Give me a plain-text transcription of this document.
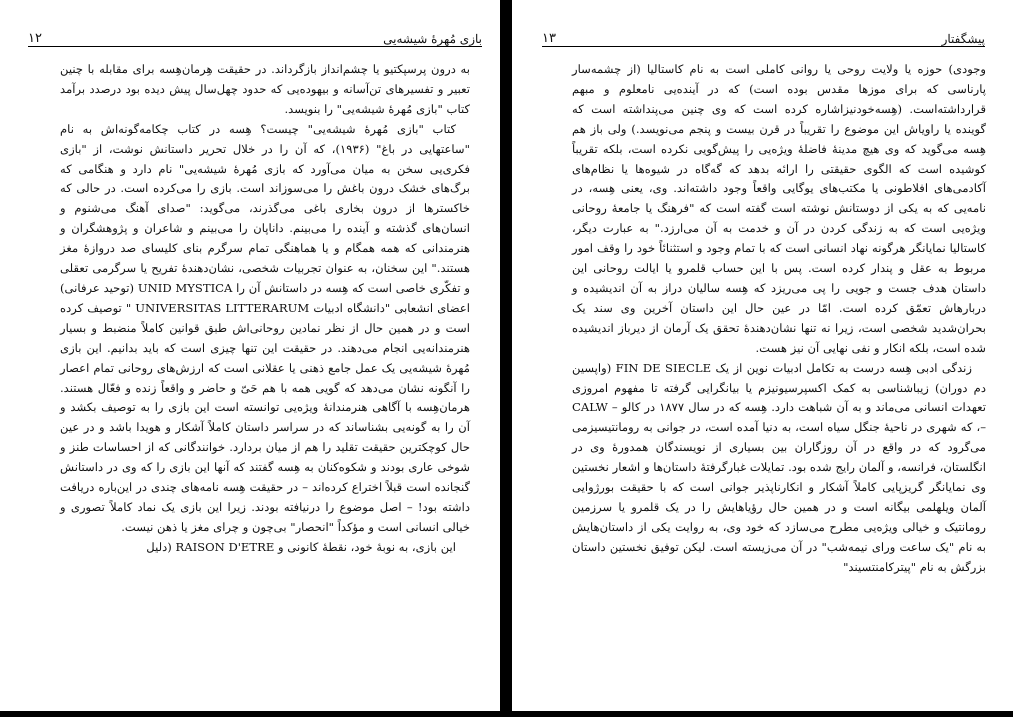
بازی مُهرهٔ شیشه‌یی
١٢

به درون پرسپکتیو یا چشم‌انداز بازگرداند. در حقیقت هِرمان‌هِسه برای مقابله با چنین تعبیر و تفسیرهای تن‌آسانه و بیهوده‌یی که حدود چهل‌سال پیش دیده بود درصدد برآمد کتاب "بازی مُهرهٔ شیشه‌یی" را بنویسد.

کتاب "بازی مُهرهٔ شیشه‌یی" چیست؟ هِسه در کتاب چکامه‌گونه‌اش به نام "ساعتهایی در باغ" (۱۹۳۶)، که آن را در خلال تحریر داستانش نوشت، از "بازی فکری‌یی سخن به میان می‌آورد که بازی مُهرهٔ شیشه‌یی" نام دارد و هنگامی که برگ‌های خشک درون باغش را می‌سوزاند است. بازی را می‌کرده است. در حالی که خاکسترها از درون بخاری باغی می‌گذرند، می‌گوید: "صدای آهنگ می‌شنوم و انسان‌های گذشته و آینده را می‌بینم. داناپان را می‌بینم و شاعران و پژوهشگران و هنرمندانی که همه همگام و یا هماهنگی تمام سرگرم بنای کلیسای صد دروازهٔ مغز هستند." این سخنان، به عنوان تجربیات شخصی، نشان‌دهندهٔ تفریح یا سرگرمی تعقلی و تفکّری خاصی است که هِسه در داستانش آن را UNID MYSTICA (توحید عرفانی) اعضای انشعابی "دانشگاه ادبیات UNIVERSITAS LITTERARUM " توصیف کرده است و در همین حال از نظر نمادین روحانی‌اش طبق قوانین کاملاً منضبط و بسیار هنرمندانه‌یی انجام می‌دهند. در حقیقت این تنها چیزی است که باید بدانیم. این بازی مُهرهٔ شیشه‌یی یک عمل جامع ذهنی یا عقلانی است که ارزش‌های روحانی تمام اعصار را آنگونه نشان می‌دهد که گویی همه با هم حَیّ و حاضر و واقعاً زنده و فعّال هستند. هرمان‌هِسه با آگاهی هنرمندانهٔ ویژه‌یی توانسته است این بازی را به توصیف بکشد و آن را به گونه‌یی بشناساند که در سراسر داستان کاملاً آشکار و هویدا باشد و در عین حال کوچکترین حقیقت تقلید را هم از میان بردارد. خوانندگانی که از احساسات طنز و شوخی عاری بودند و شکوه‌کنان به هِسه گفتند که آنها این بازی را که وی در داستانش گنجانده است قبلاً اختراع کرده‌اند – در حقیقت هِسه نامه‌های چندی در این‌باره دریافت داشته بود! – اصل موضوع را درنیافته بودند. زیرا این بازی یک نماد کاملاً تصوری و خیالی انسانی است و مؤکداً "انحصار" بی‌چون و چرای مغز یا ذهن نیست.

این بازی، به نوبهٔ خود، نقطهٔ کانونی و RAISON D'ETRE (دلیل

پیشگفتار
١٣

وجودی) حوزه یا ولایت روحی یا روانی کاملی است به نام کاستالیا (از چشمه‌سار پارناسی که برای موزها مقدس بوده است) که در آینده‌یی نامعلوم و مبهم قرارداشته‌است. (هِسه‌خودنیزاشاره کرده است که وی چنین می‌پنداشته است که گوینده یا راویاش این موضوع را تقریباً در قرن بیست و پنجم می‌نویسد.) ولی باز هم هِسه می‌گوید که وی هیچ مدینهٔ فاضلهٔ ویژه‌یی را پیش‌گویی نکرده است، بلکه تقریباً کوشیده است که الگوی حقیقتی را ارائه بدهد که گه‌گاه در شیوه‌ها یا نظام‌های آکادمی‌های افلاطونی یا مکتب‌های یوگایی واقعاً وجود داشته‌اند. وی، یعنی هِسه، در نامه‌یی که به یکی از دوستانش نوشته است گفته است که "فرهنگ یا جامعهٔ روحانی ویژه‌یی است که به زندگی کردن در آن و خدمت به آن می‌ارزد." به عبارت دیگر، کاستالیا نمایانگر هرگونه نهاد انسانی است که با تمام وجود و استثنائاً خود را وقف امور مربوط به عقل و پندار کرده است. پس با این حساب قلمرو یا ایالت روحانی این داستان هدف جست و جویی را پی می‌ریزد که هِسه سالیان دراز به آن اندیشیده و دربارهاش تعمّق کرده است. امّا در عین حال این داستان آخرین وی سند یک بحران‌شدید شخصی است، زیرا نه تنها نشان‌دهندهٔ تحقق یک آرمان از دیرباز اندیشیده شده است، بلکه انکار و نفی نهایی آن نیز هست.

زندگی ادبی هِسه درست به تکامل ادبیات نوین از یک FIN DE SIECLE (واپسین دم دوران) زیباشناسی به کمک اکسپرسیونیزم یا بیانگرایی گرفته تا مفهوم امروزی تعهدات انسانی می‌ماند و به آن شباهت دارد. هِسه که در سال ۱۸۷۷ در کالو – CALW –، که شهری در ناحیهٔ جنگل سیاه است، به دنیا آمده است، در جوانی به رومانتیسیزمی می‌گرود که در واقع در آن روزگاران بین بسیاری از نویسندگان همدورهٔ وی در انگلستان، فرانسه، و آلمان رایج شده بود. تمایلات غبارگرفتهٔ داستان‌ها و اشعار نخستین وی نمایانگر گریزپایی کاملاً آشکار و انکارناپذیر جوانی است که با حقیقت بورژوایی آلمان ویلهلمی بیگانه است و در همین حال رؤیاهایش را در یک قلمرو یا سرزمین رومانتیک و خیالی ویژه‌یی مطرح می‌سازد که خود وی، به روایت یکی از داستان‌هایش به نام "یک ساعت ورای نیمه‌شب" در آن می‌زیسته است. لیکن توفیق نخستین داستان بزرگش به نام "پیترکامنتسیند"
